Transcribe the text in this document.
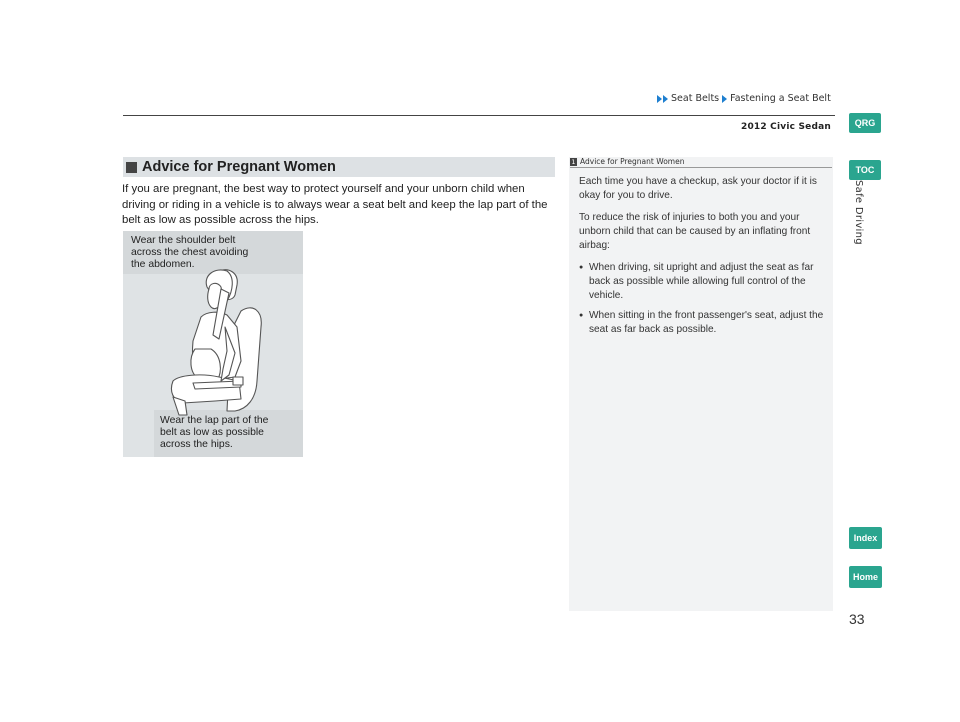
Seat Belts Fastening a Seat Belt
2012 Civic Sedan	QRG
TOC
Safe Driving
Index
Home
Advice for Pregnant Women
If you are pregnant, the best way to protect yourself and your unborn child when driving or riding in a vehicle is to always wear a seat belt and keep the lap part of the belt as low as possible across the hips.
Wear the shoulder belt
across the chest avoiding
the abdomen.
Wear the lap part of the
belt as low as possible
across the hips.
1 Advice for Pregnant Women

Each time you have a checkup, ask your doctor if it is okay for you to drive.

To reduce the risk of injuries to both you and your unborn child that can be caused by an inflating front airbag:

● When driving, sit upright and adjust the seat as far back as possible while allowing full control of the vehicle.
● When sitting in the front passenger's seat, adjust the seat as far back as possible.
33
